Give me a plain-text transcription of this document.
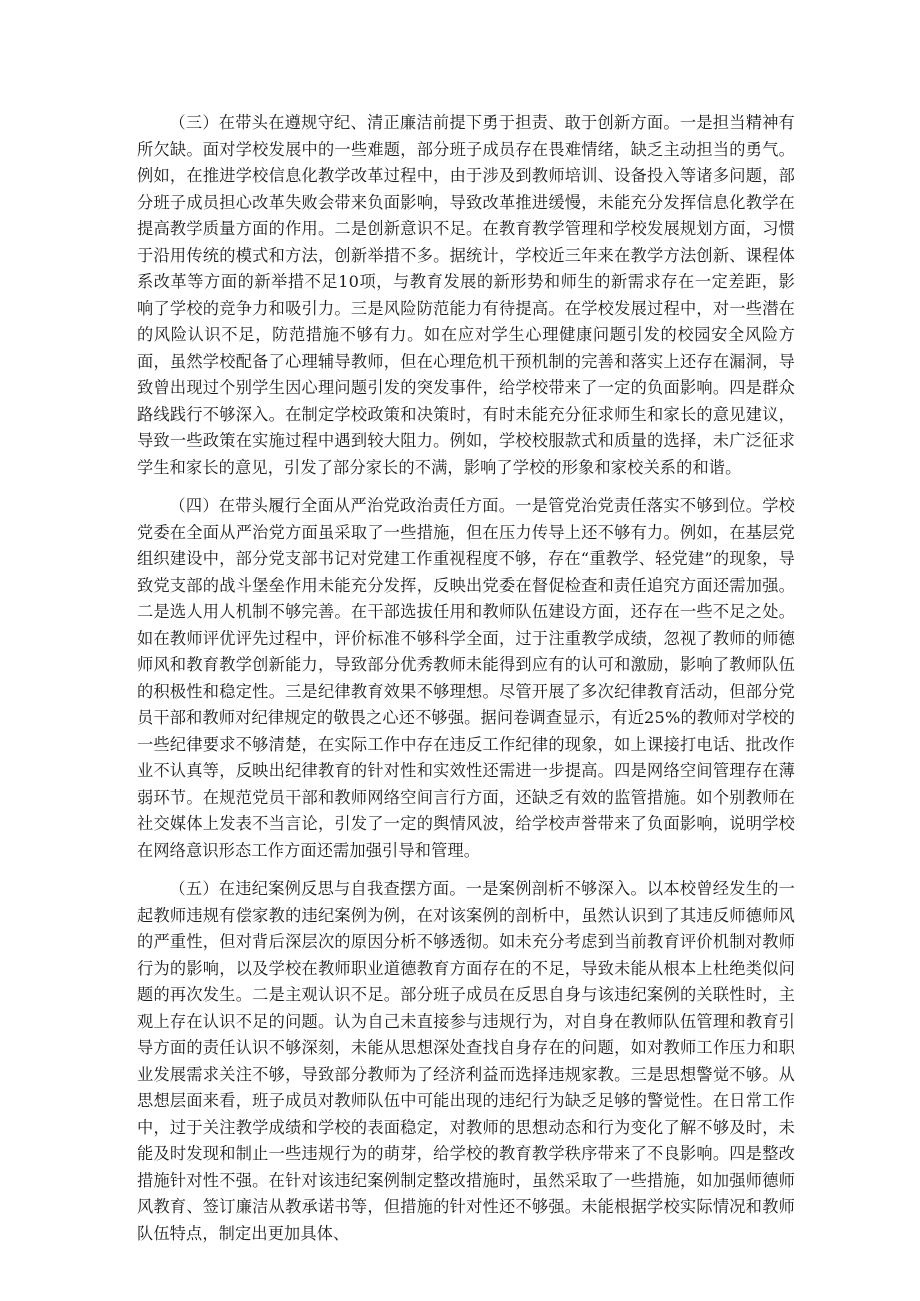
（三）在带头在遵规守纪、清正廉洁前提下勇于担责、敢于创新方面。一是担当精神有所欠缺。面对学校发展中的一些难题，部分班子成员存在畏难情绪，缺乏主动担当的勇气。例如，在推进学校信息化教学改革过程中，由于涉及到教师培训、设备投入等诸多问题，部分班子成员担心改革失败会带来负面影响，导致改革推进缓慢，未能充分发挥信息化教学在提高教学质量方面的作用。二是创新意识不足。在教育教学管理和学校发展规划方面，习惯于沿用传统的模式和方法，创新举措不多。据统计，学校近三年来在教学方法创新、课程体系改革等方面的新举措不足10项，与教育发展的新形势和师生的新需求存在一定差距，影响了学校的竞争力和吸引力。三是风险防范能力有待提高。在学校发展过程中，对一些潜在的风险认识不足，防范措施不够有力。如在应对学生心理健康问题引发的校园安全风险方面，虽然学校配备了心理辅导教师，但在心理危机干预机制的完善和落实上还存在漏洞，导致曾出现过个别学生因心理问题引发的突发事件，给学校带来了一定的负面影响。四是群众路线践行不够深入。在制定学校政策和决策时，有时未能充分征求师生和家长的意见建议，导致一些政策在实施过程中遇到较大阻力。例如，学校校服款式和质量的选择，未广泛征求学生和家长的意见，引发了部分家长的不满，影响了学校的形象和家校关系的和谐。

（四）在带头履行全面从严治党政治责任方面。一是管党治党责任落实不够到位。学校党委在全面从严治党方面虽采取了一些措施，但在压力传导上还不够有力。例如，在基层党组织建设中，部分党支部书记对党建工作重视程度不够，存在“重教学、轻党建”的现象，导致党支部的战斗堡垒作用未能充分发挥，反映出党委在督促检查和责任追究方面还需加强。二是选人用人机制不够完善。在干部选拔任用和教师队伍建设方面，还存在一些不足之处。如在教师评优评先过程中，评价标准不够科学全面，过于注重教学成绩，忽视了教师的师德师风和教育教学创新能力，导致部分优秀教师未能得到应有的认可和激励，影响了教师队伍的积极性和稳定性。三是纪律教育效果不够理想。尽管开展了多次纪律教育活动，但部分党员干部和教师对纪律规定的敬畏之心还不够强。据问卷调查显示，有近25%的教师对学校的一些纪律要求不够清楚，在实际工作中存在违反工作纪律的现象，如上课接打电话、批改作业不认真等，反映出纪律教育的针对性和实效性还需进一步提高。四是网络空间管理存在薄弱环节。在规范党员干部和教师网络空间言行方面，还缺乏有效的监管措施。如个别教师在社交媒体上发表不当言论，引发了一定的舆情风波，给学校声誉带来了负面影响，说明学校在网络意识形态工作方面还需加强引导和管理。

（五）在违纪案例反思与自我查摆方面。一是案例剖析不够深入。以本校曾经发生的一起教师违规有偿家教的违纪案例为例，在对该案例的剖析中，虽然认识到了其违反师德师风的严重性，但对背后深层次的原因分析不够透彻。如未充分考虑到当前教育评价机制对教师行为的影响，以及学校在教师职业道德教育方面存在的不足，导致未能从根本上杜绝类似问题的再次发生。二是主观认识不足。部分班子成员在反思自身与该违纪案例的关联性时，主观上存在认识不足的问题。认为自己未直接参与违规行为，对自身在教师队伍管理和教育引导方面的责任认识不够深刻，未能从思想深处查找自身存在的问题，如对教师工作压力和职业发展需求关注不够，导致部分教师为了经济利益而选择违规家教。三是思想警觉不够。从思想层面来看，班子成员对教师队伍中可能出现的违纪行为缺乏足够的警觉性。在日常工作中，过于关注教学成绩和学校的表面稳定，对教师的思想动态和行为变化了解不够及时，未能及时发现和制止一些违规行为的萌芽，给学校的教育教学秩序带来了不良影响。四是整改措施针对性不强。在针对该违纪案例制定整改措施时，虽然采取了一些措施，如加强师德师风教育、签订廉洁从教承诺书等，但措施的针对性还不够强。未能根据学校实际情况和教师队伍特点，制定出更加具体、
